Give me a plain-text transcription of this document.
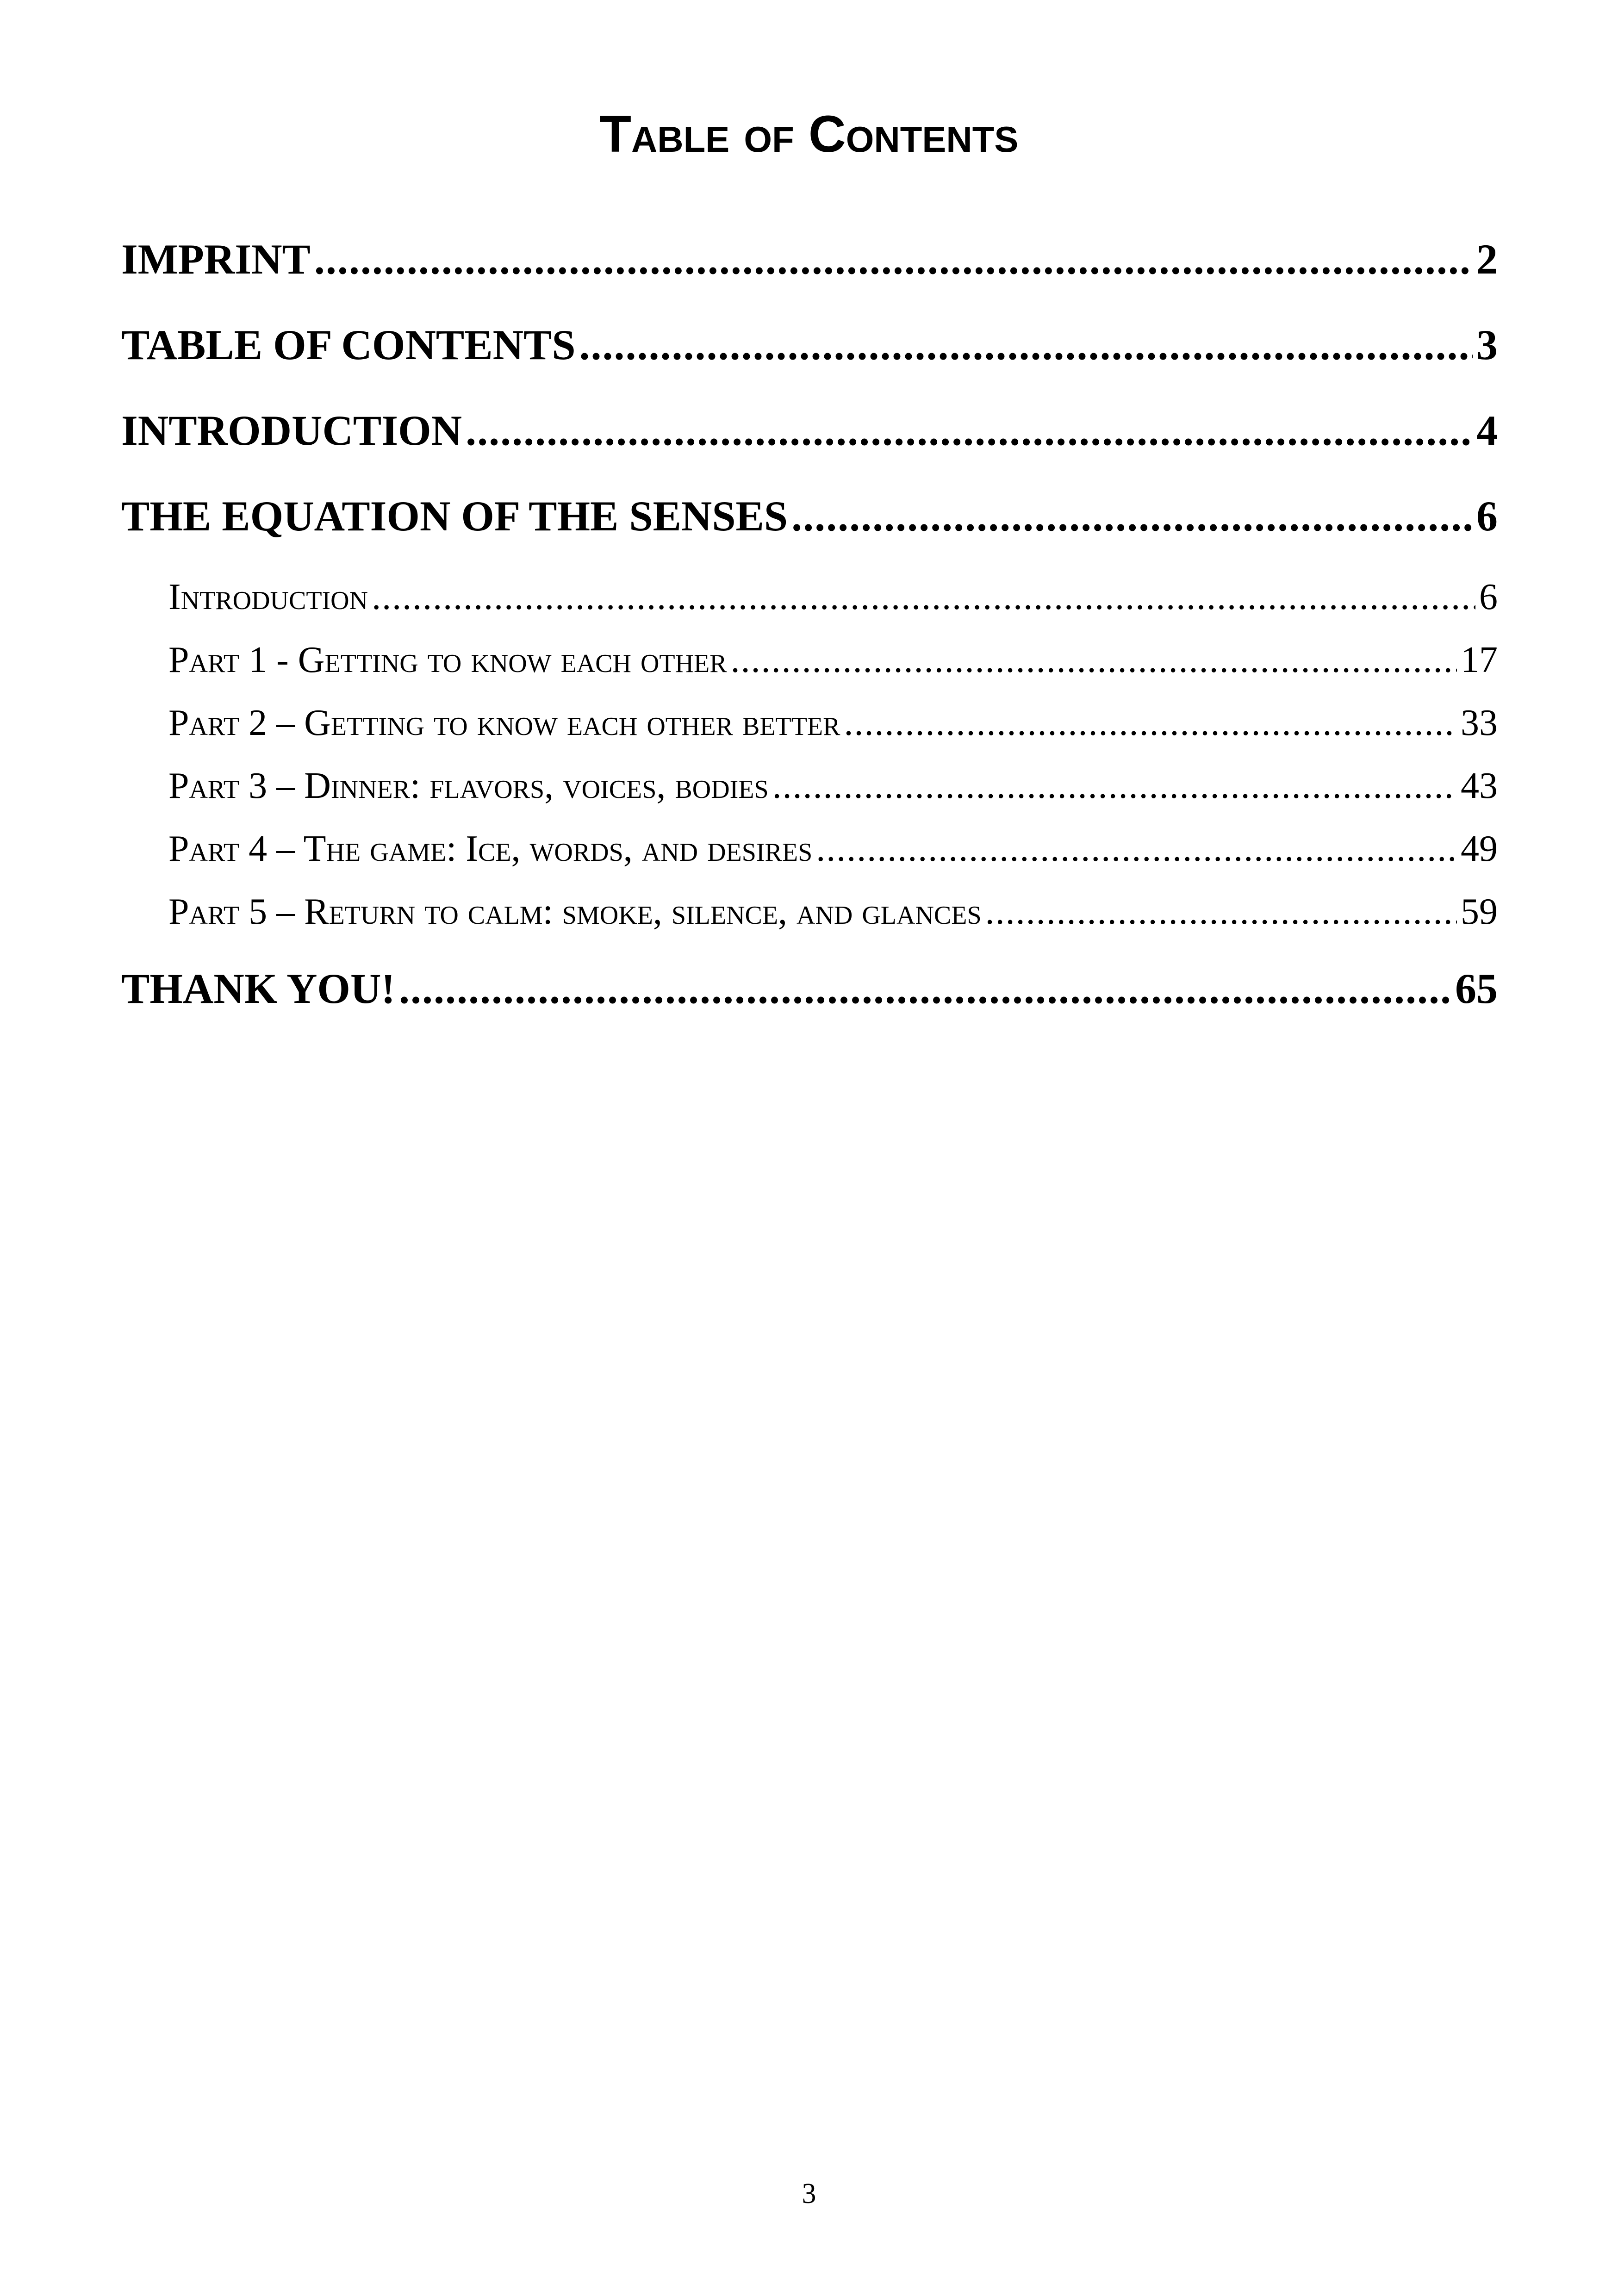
Table of Contents
IMPRINT .....	2
TABLE OF CONTENTS .....	3
INTRODUCTION .....	4
THE EQUATION OF THE SENSES .....	6
Introduction .....	6
Part 1 - Getting to know each other .....	17
Part 2 – Getting to know each other better .....	33
Part 3 – Dinner: flavors, voices, bodies .....	43
Part 4 – The game: Ice, words, and desires .....	49
Part 5 – Return to calm: smoke, silence, and glances .....	59
THANK YOU! .....	65
3
